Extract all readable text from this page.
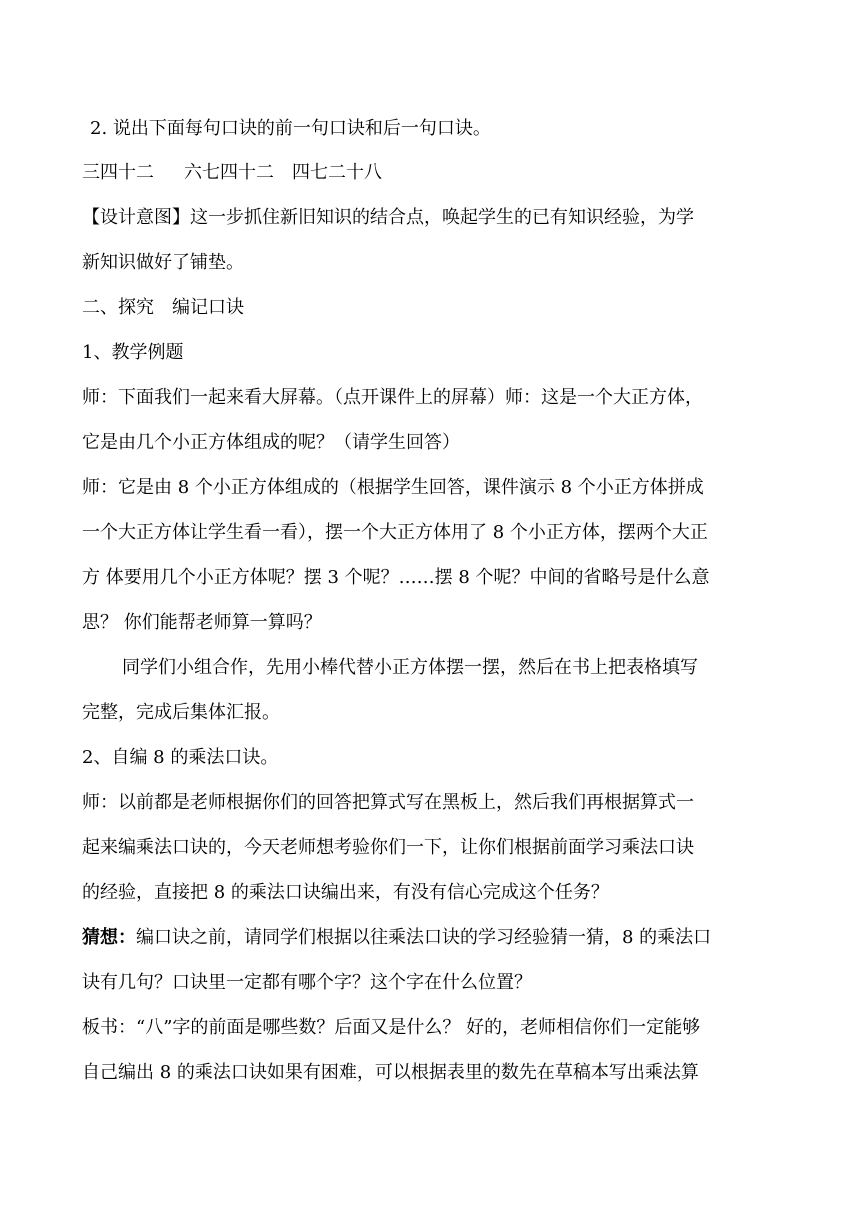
2. 说出下面每句口诀的前一句口诀和后一句口诀。
三四十二 六七四十二 四七二十八
【设计意图】这一步抓住新旧知识的结合点，唤起学生的已有知识经验，为学
新知识做好了铺垫。
二、探究　编记口诀
1、教学例题
师：下面我们一起来看大屏幕。（点开课件上的屏幕）师：这是一个大正方体，
它是由几个小正方体组成的呢？（请学生回答）
师：它是由 8 个小正方体组成的（根据学生回答，课件演示 8 个小正方体拼成
一个大正方体让学生看一看），摆一个大正方体用了 8 个小正方体，摆两个大正
方 体要用几个小正方体呢？摆 3 个呢？……摆 8 个呢？中间的省略号是什么意
思？ 你们能帮老师算一算吗？
同学们小组合作，先用小棒代替小正方体摆一摆，然后在书上把表格填写
完整，完成后集体汇报。
2、自编 8 的乘法口诀。
师：以前都是老师根据你们的回答把算式写在黑板上，然后我们再根据算式一
起来编乘法口诀的，今天老师想考验你们一下，让你们根据前面学习乘法口诀
的经验，直接把 8 的乘法口诀编出来，有没有信心完成这个任务？
猜想：编口诀之前，请同学们根据以往乘法口诀的学习经验猜一猜，8 的乘法口
诀有几句？口诀里一定都有哪个字？这个字在什么位置？
板书：“八”字的前面是哪些数？后面又是什么？ 好的，老师相信你们一定能够
自己编出 8 的乘法口诀如果有困难，可以根据表里的数先在草稿本写出乘法算
